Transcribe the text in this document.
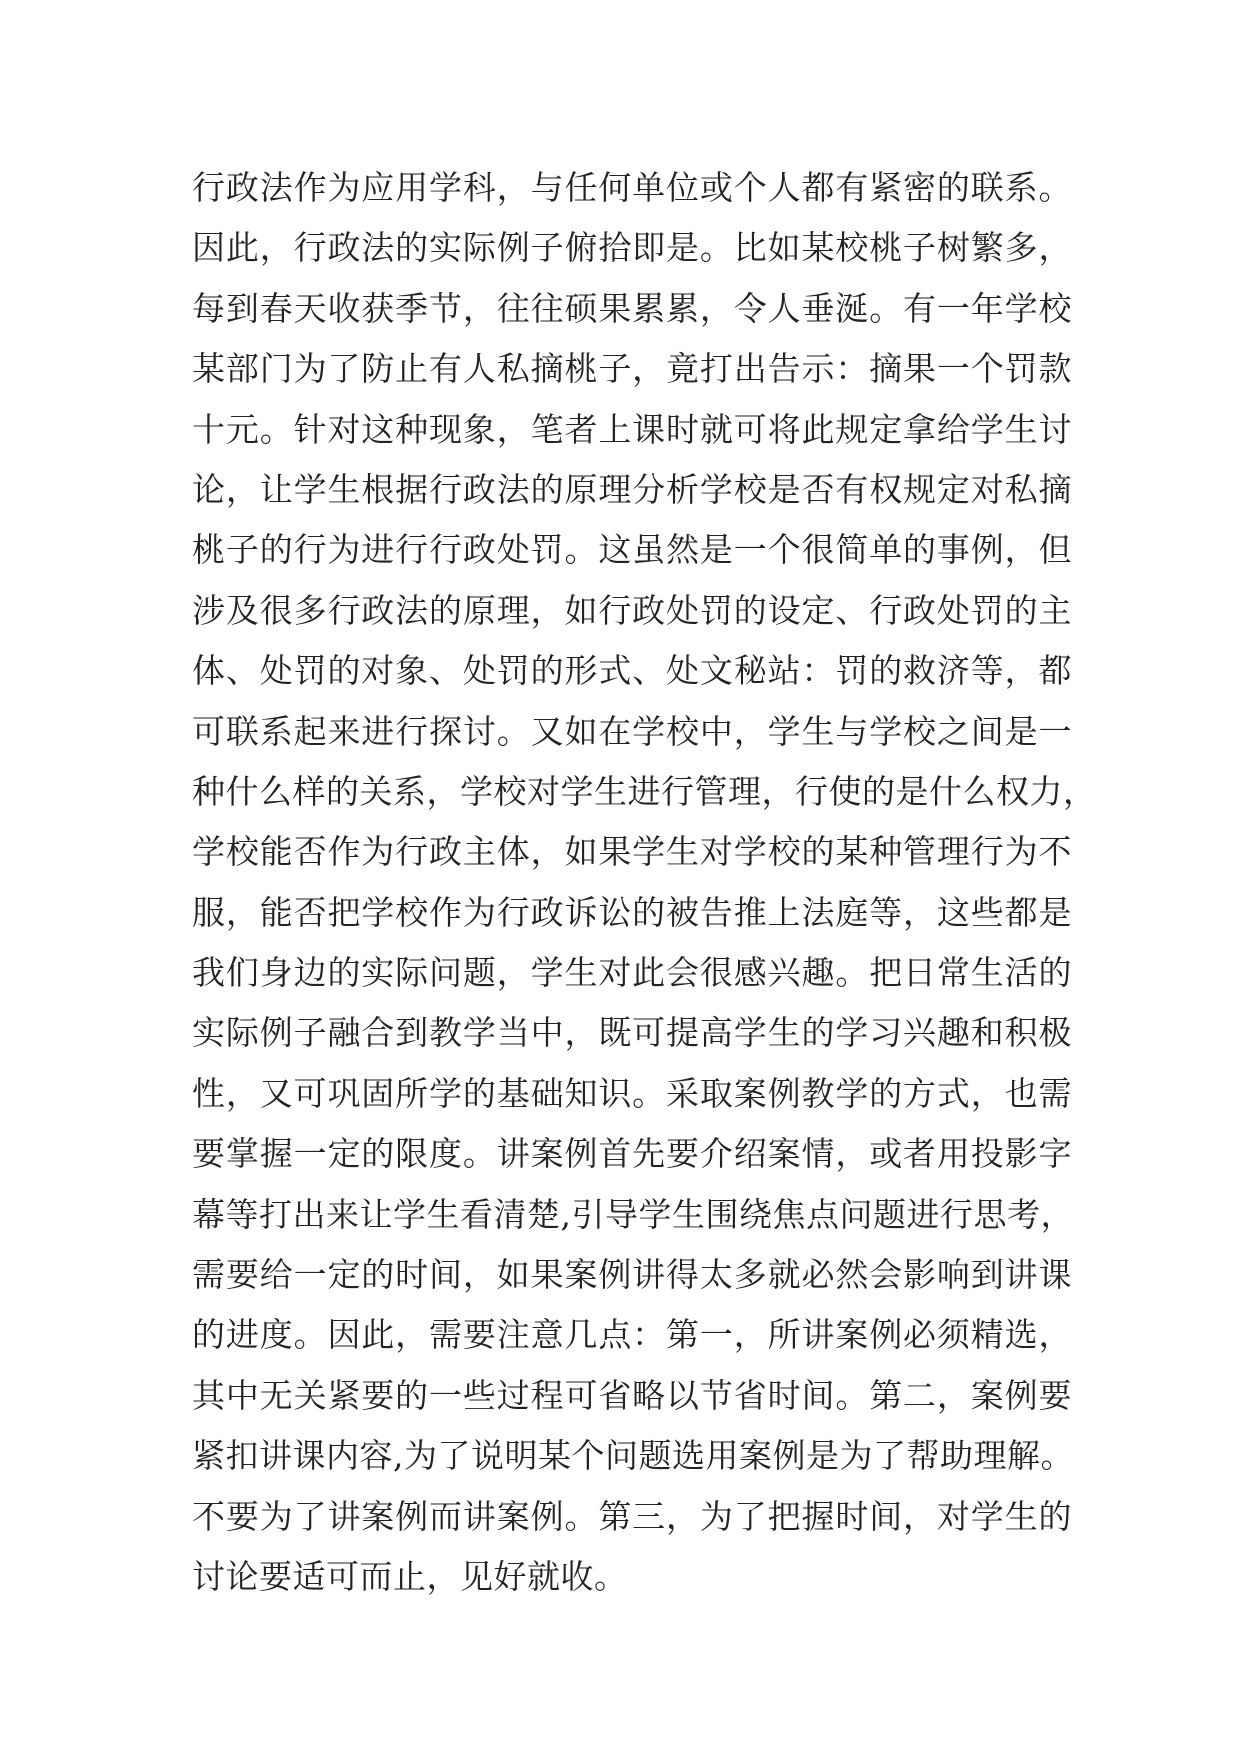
行政法作为应用学科，与任何单位或个人都有紧密的联系。
因此，行政法的实际例子俯拾即是。比如某校桃子树繁多，
每到春天收获季节，往往硕果累累，令人垂涎。有一年学校
某部门为了防止有人私摘桃子，竟打出告示：摘果一个罚款
十元。针对这种现象，笔者上课时就可将此规定拿给学生讨
论，让学生根据行政法的原理分析学校是否有权规定对私摘
桃子的行为进行行政处罚。这虽然是一个很简单的事例，但
涉及很多行政法的原理，如行政处罚的设定、行政处罚的主
体、处罚的对象、处罚的形式、处文秘站：罚的救济等，都
可联系起来进行探讨。又如在学校中，学生与学校之间是一
种什么样的关系，学校对学生进行管理，行使的是什么权力，
学校能否作为行政主体，如果学生对学校的某种管理行为不
服，能否把学校作为行政诉讼的被告推上法庭等，这些都是
我们身边的实际问题，学生对此会很感兴趣。把日常生活的
实际例子融合到教学当中，既可提高学生的学习兴趣和积极
性，又可巩固所学的基础知识。采取案例教学的方式，也需
要掌握一定的限度。讲案例首先要介绍案情，或者用投影字
幕等打出来让学生看清楚,引导学生围绕焦点问题进行思考，
需要给一定的时间，如果案例讲得太多就必然会影响到讲课
的进度。因此，需要注意几点：第一，所讲案例必须精选，
其中无关紧要的一些过程可省略以节省时间。第二，案例要
紧扣讲课内容,为了说明某个问题选用案例是为了帮助理解。
不要为了讲案例而讲案例。第三，为了把握时间，对学生的
讨论要适可而止，见好就收。
